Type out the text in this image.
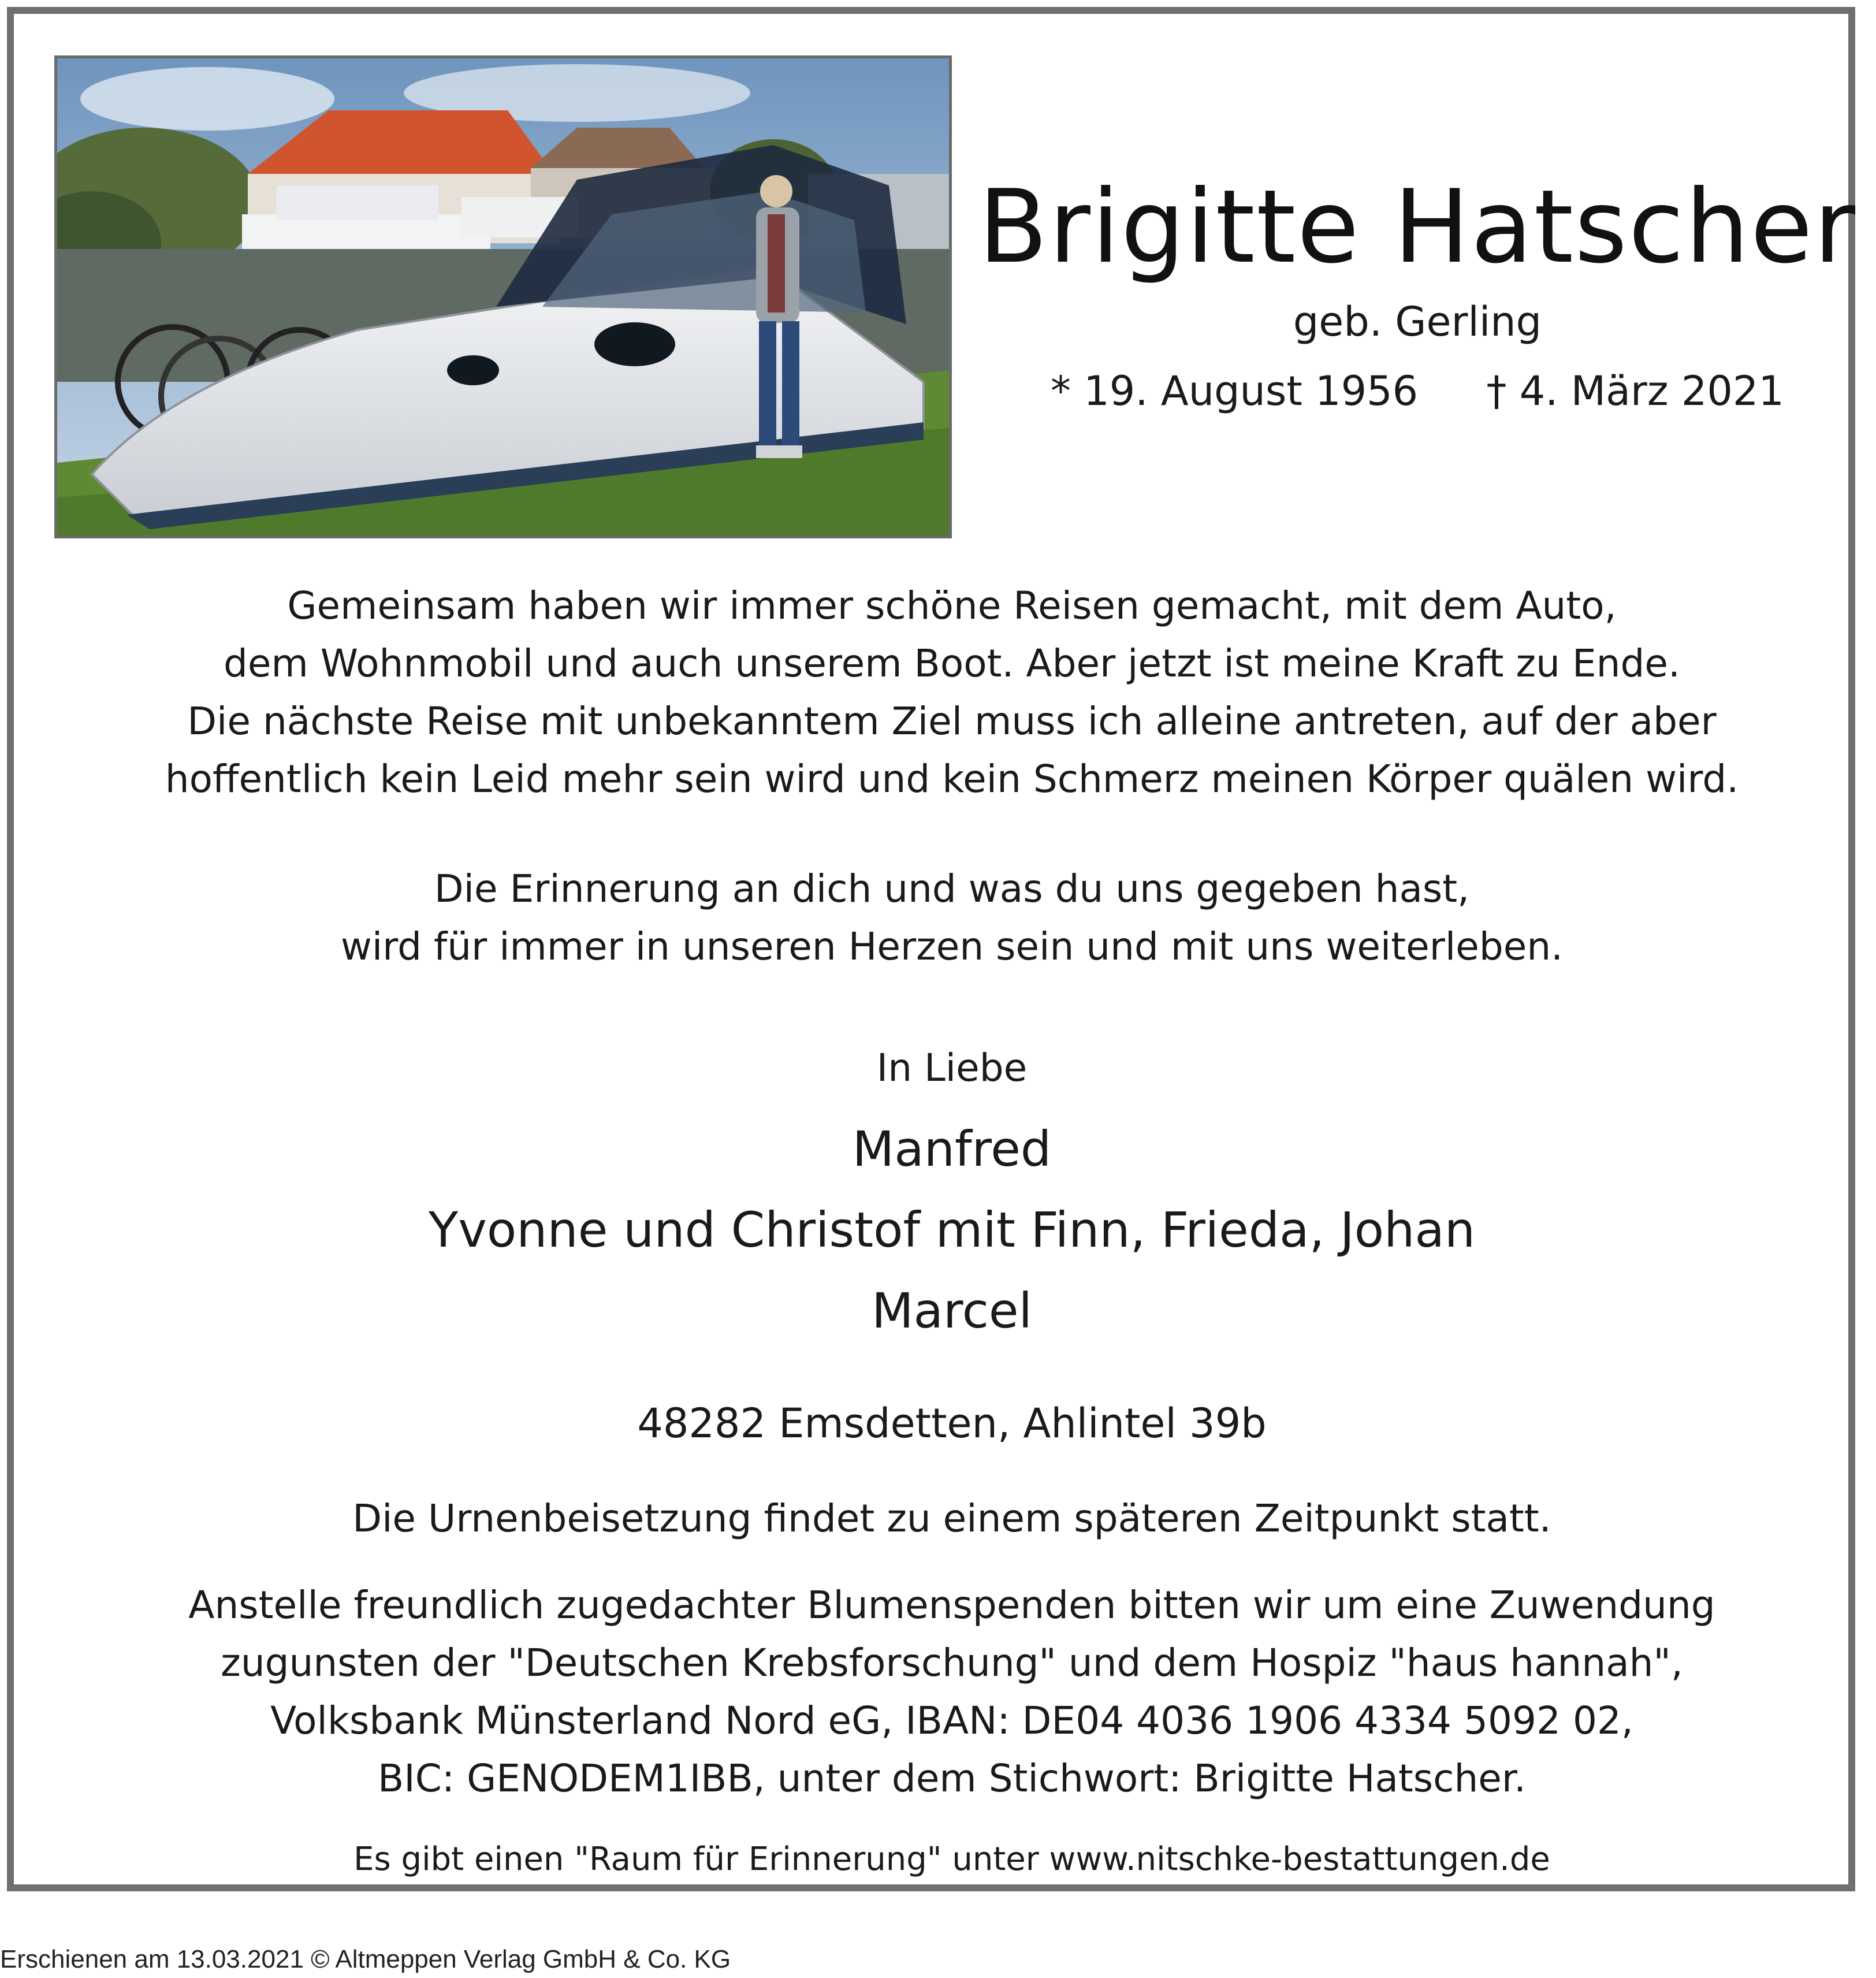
Brigitte Hatscher
geb. Gerling
* 19. August 1956 † 4. März 2021
Gemeinsam haben wir immer schöne Reisen gemacht, mit dem Auto,
dem Wohnmobil und auch unserem Boot. Aber jetzt ist meine Kraft zu Ende.
Die nächste Reise mit unbekanntem Ziel muss ich alleine antreten, auf der aber
hoffentlich kein Leid mehr sein wird und kein Schmerz meinen Körper quälen wird.
Die Erinnerung an dich und was du uns gegeben hast,
wird für immer in unseren Herzen sein und mit uns weiterleben.
In Liebe
Manfred
Yvonne und Christof mit Finn, Frieda, Johan
Marcel
48282 Emsdetten, Ahlintel 39b
Die Urnenbeisetzung findet zu einem späteren Zeitpunkt statt.
Anstelle freundlich zugedachter Blumenspenden bitten wir um eine Zuwendung
zugunsten der "Deutschen Krebsforschung" und dem Hospiz "haus hannah",
Volksbank Münsterland Nord eG, IBAN: DE04 4036 1906 4334 5092 02,
BIC: GENODEM1IBB, unter dem Stichwort: Brigitte Hatscher.
Es gibt einen "Raum für Erinnerung" unter www.nitschke-bestattungen.de
Erschienen am 13.03.2021 © Altmeppen Verlag GmbH & Co. KG
